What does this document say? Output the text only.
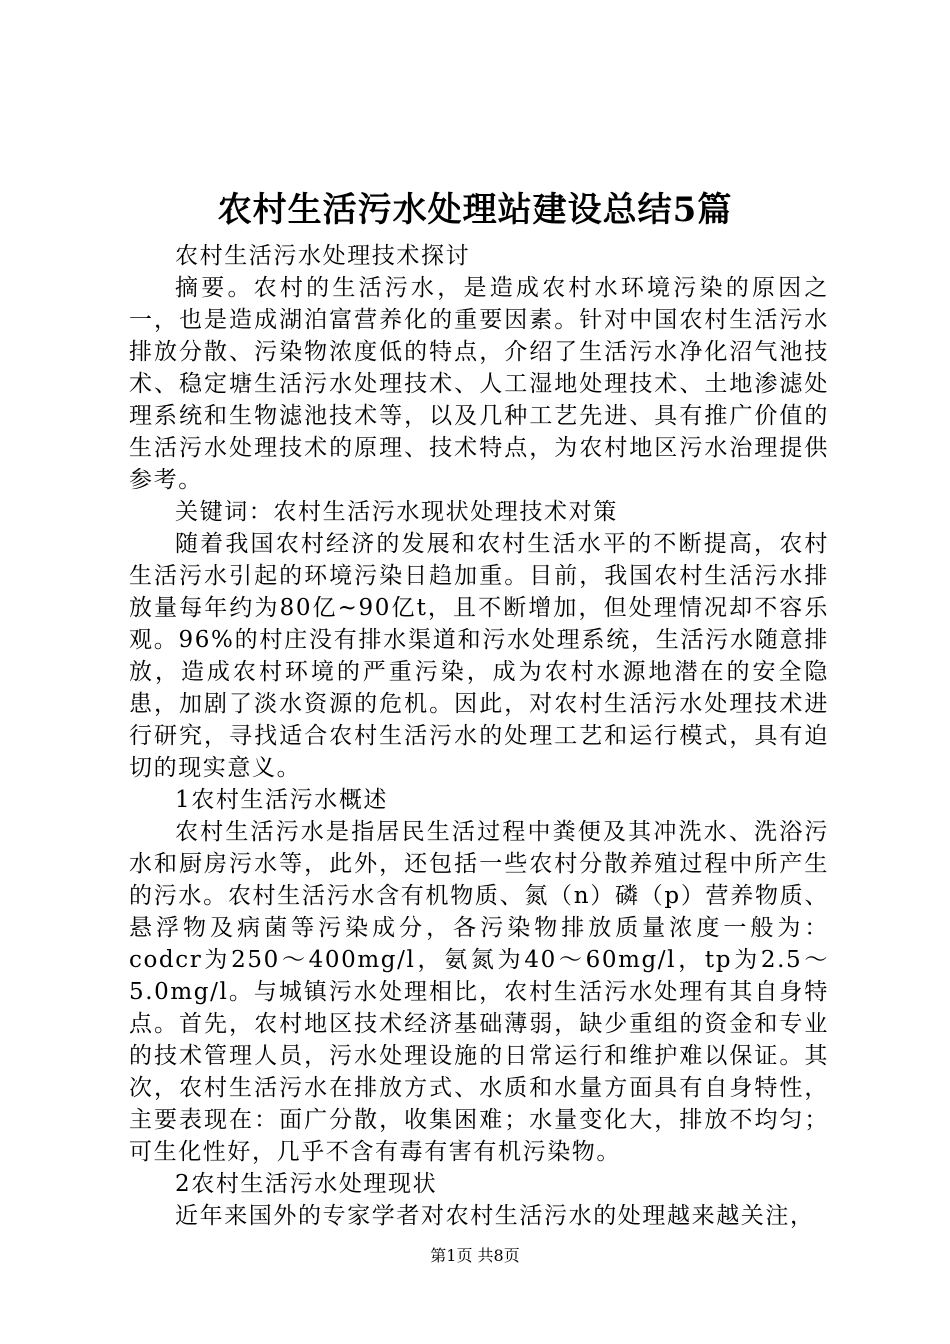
农村生活污水处理站建设总结5篇

农村生活污水处理技术探讨

摘要。农村的生活污水，是造成农村水环境污染的原因之一，也是造成湖泊富营养化的重要因素。针对中国农村生活污水排放分散、污染物浓度低的特点，介绍了生活污水净化沼气池技术、稳定塘生活污水处理技术、人工湿地处理技术、土地渗滤处理系统和生物滤池技术等，以及几种工艺先进、具有推广价值的生活污水处理技术的原理、技术特点，为农村地区污水治理提供参考。

关键词：农村生活污水现状处理技术对策

随着我国农村经济的发展和农村生活水平的不断提高，农村生活污水引起的环境污染日趋加重。目前，我国农村生活污水排放量每年约为80亿~90亿t，且不断增加，但处理情况却不容乐观。96%的村庄没有排水渠道和污水处理系统，生活污水随意排放，造成农村环境的严重污染，成为农村水源地潜在的安全隐患，加剧了淡水资源的危机。因此，对农村生活污水处理技术进行研究，寻找适合农村生活污水的处理工艺和运行模式，具有迫切的现实意义。

1农村生活污水概述

农村生活污水是指居民生活过程中粪便及其冲洗水、洗浴污水和厨房污水等，此外，还包括一些农村分散养殖过程中所产生的污水。农村生活污水含有机物质、氮（n）磷（p）营养物质、悬浮物及病菌等污染成分，各污染物排放质量浓度一般为：codcr为250～400mg/l，氨氮为40～60mg/l，tp为2.5～5.0mg/l。与城镇污水处理相比，农村生活污水处理有其自身特点。首先，农村地区技术经济基础薄弱，缺少重组的资金和专业的技术管理人员，污水处理设施的日常运行和维护难以保证。其次，农村生活污水在排放方式、水质和水量方面具有自身特性，主要表现在：面广分散，收集困难；水量变化大，排放不均匀；可生化性好，几乎不含有毒有害有机污染物。

2农村生活污水处理现状

近年来国外的专家学者对农村生活污水的处理越来越关注，

第1页 共8页
